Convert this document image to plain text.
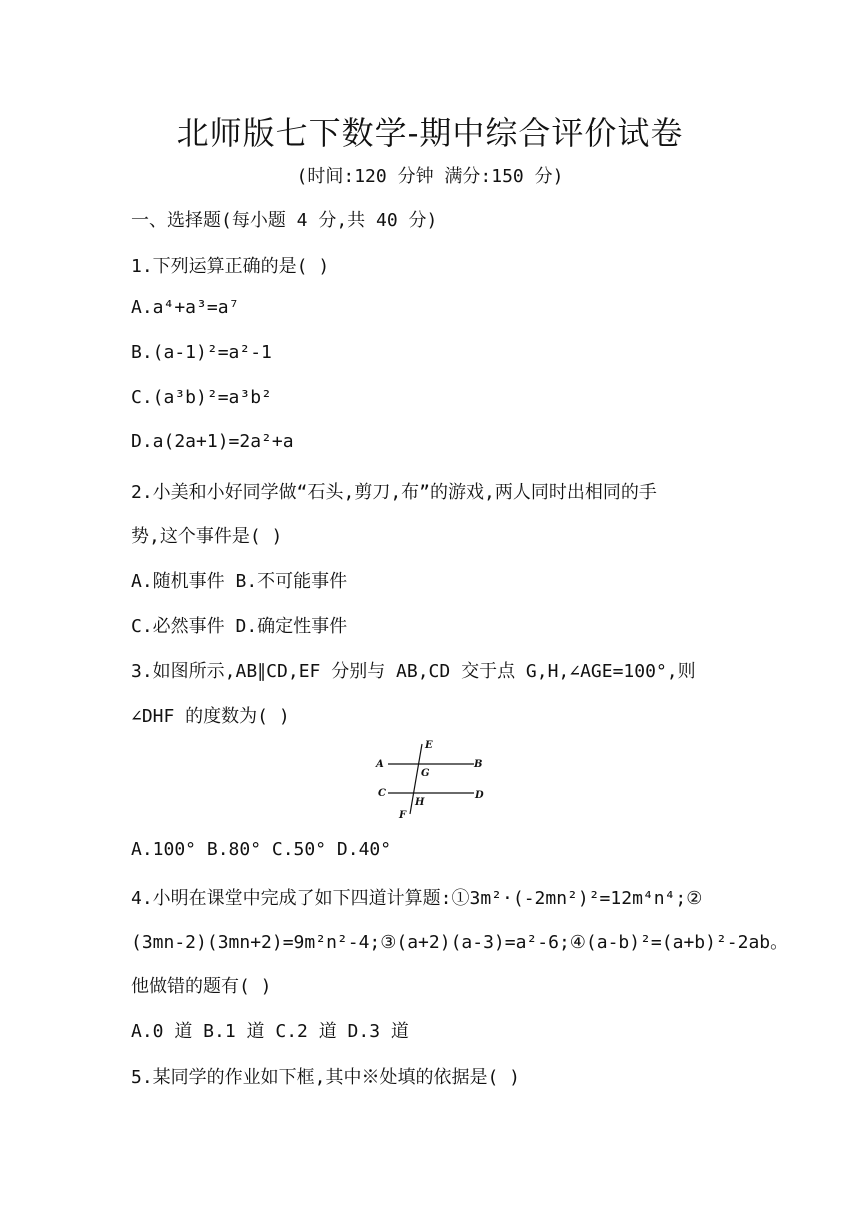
北师版七下数学-期中综合评价试卷
(时间:120 分钟 满分:150 分)
一、选择题(每小题 4 分,共 40 分)
1.下列运算正确的是( )
A.a⁴+a³=a⁷
B.(a-1)²=a²-1
C.(a³b)²=a³b²
D.a(2a+1)=2a²+a
2.小美和小好同学做“石头,剪刀,布”的游戏,两人同时出相同的手
势,这个事件是( )
A.随机事件 B.不可能事件
C.必然事件 D.确定性事件
3.如图所示,AB∥CD,EF 分别与 AB,CD 交于点 G,H,∠AGE=100°,则
∠DHF 的度数为( )
A	B
C	D
E
F
G
H
A.100° B.80° C.50° D.40°
4.小明在课堂中完成了如下四道计算题:①3m²·(-2mn²)²=12m⁴n⁴;②
(3mn-2)(3mn+2)=9m²n²-4;③(a+2)(a-3)=a²-6;④(a-b)²=(a+b)²-2ab。
他做错的题有( )
A.0 道 B.1 道 C.2 道 D.3 道
5.某同学的作业如下框,其中※处填的依据是( )
